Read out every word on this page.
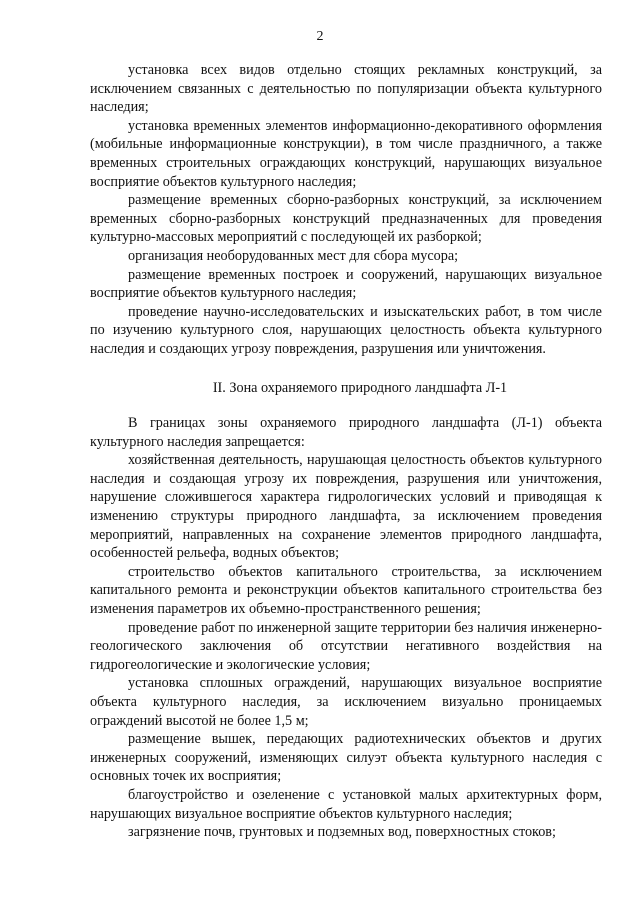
2

установка всех видов отдельно стоящих рекламных конструкций, за исключением связанных с деятельностью по популяризации объекта культурного наследия;

установка временных элементов информационно-декоративного оформления (мобильные информационные конструкции), в том числе праздничного, а также временных строительных ограждающих конструкций, нарушающих визуальное восприятие объектов культурного наследия;

размещение временных сборно-разборных конструкций, за исключением временных сборно-разборных конструкций предназначенных для проведения культурно-массовых мероприятий с последующей их разборкой;

организация необорудованных мест для сбора мусора;

размещение временных построек и сооружений, нарушающих визуальное восприятие объектов культурного наследия;

проведение научно-исследовательских и изыскательских работ, в том числе по изучению культурного слоя, нарушающих целостность объекта культурного наследия и создающих угрозу повреждения, разрушения или уничтожения.

II. Зона охраняемого природного ландшафта Л-1

В границах зоны охраняемого природного ландшафта (Л-1) объекта культурного наследия запрещается:

хозяйственная деятельность, нарушающая целостность объектов культурного наследия и создающая угрозу их повреждения, разрушения или уничтожения, нарушение сложившегося характера гидрологических условий и приводящая к изменению структуры природного ландшафта, за исключением проведения мероприятий, направленных на сохранение элементов природного ландшафта, особенностей рельефа, водных объектов;

строительство объектов капитального строительства, за исключением капитального ремонта и реконструкции объектов капитального строительства без изменения параметров их объемно-пространственного решения;

проведение работ по инженерной защите территории без наличия инженерно-геологического заключения об отсутствии негативного воздействия на гидрогеологические и экологические условия;

установка сплошных ограждений, нарушающих визуальное восприятие объекта культурного наследия, за исключением визуально проницаемых ограждений высотой не более 1,5 м;

размещение вышек, передающих радиотехнических объектов и других инженерных сооружений, изменяющих силуэт объекта культурного наследия с основных точек их восприятия;

благоустройство и озеленение с установкой малых архитектурных форм, нарушающих визуальное восприятие объектов культурного наследия;

загрязнение почв, грунтовых и подземных вод, поверхностных стоков;
